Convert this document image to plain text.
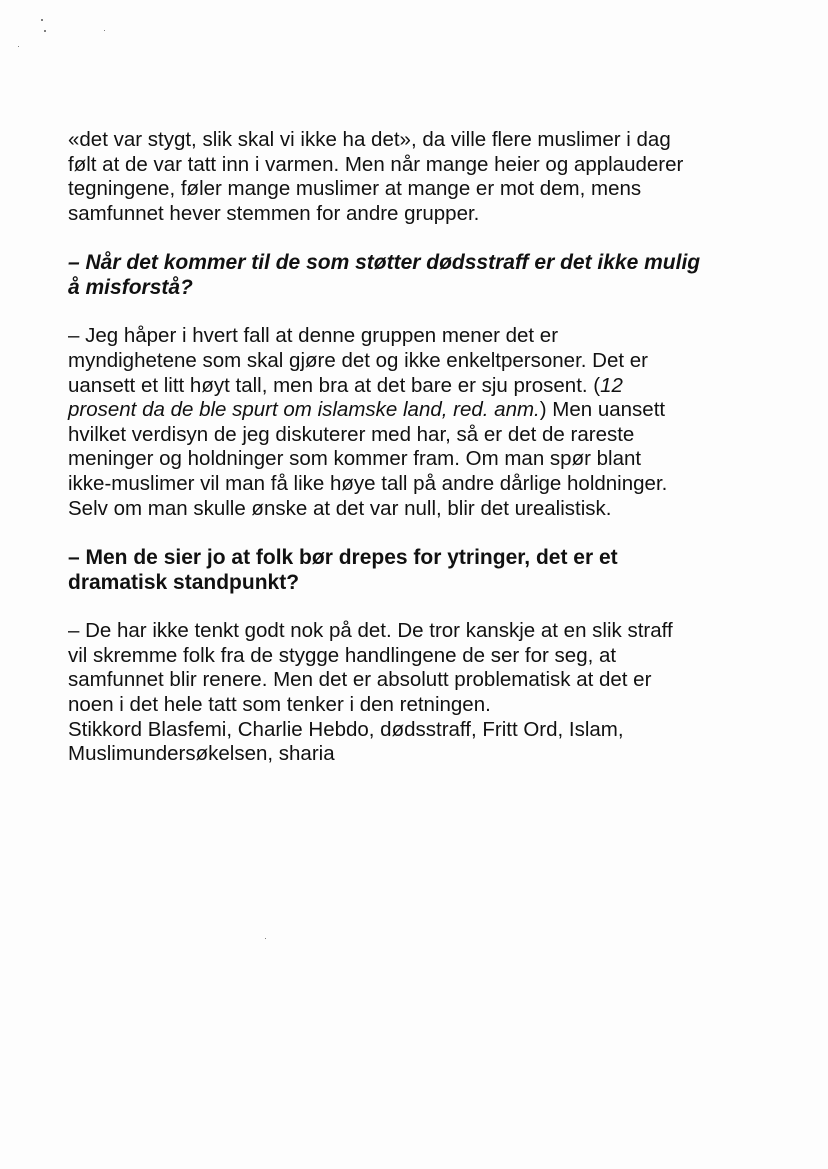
«det var stygt, slik skal vi ikke ha det», da ville flere muslimer i dag
følt at de var tatt inn i varmen. Men når mange heier og applauderer
tegningene, føler mange muslimer at mange er mot dem, mens
samfunnet hever stemmen for andre grupper.

– Når det kommer til de som støtter dødsstraff er det ikke mulig
å misforstå?

– Jeg håper i hvert fall at denne gruppen mener det er
myndighetene som skal gjøre det og ikke enkeltpersoner. Det er
uansett et litt høyt tall, men bra at det bare er sju prosent. (12
prosent da de ble spurt om islamske land, red. anm.) Men uansett
hvilket verdisyn de jeg diskuterer med har, så er det de rareste
meninger og holdninger som kommer fram. Om man spør blant
ikke-muslimer vil man få like høye tall på andre dårlige holdninger.
Selv om man skulle ønske at det var null, blir det urealistisk.

– Men de sier jo at folk bør drepes for ytringer, det er et
dramatisk standpunkt?

– De har ikke tenkt godt nok på det. De tror kanskje at en slik straff
vil skremme folk fra de stygge handlingene de ser for seg, at
samfunnet blir renere. Men det er absolutt problematisk at det er
noen i det hele tatt som tenker i den retningen.
Stikkord Blasfemi, Charlie Hebdo, dødsstraff, Fritt Ord, Islam,
Muslimundersøkelsen, sharia
